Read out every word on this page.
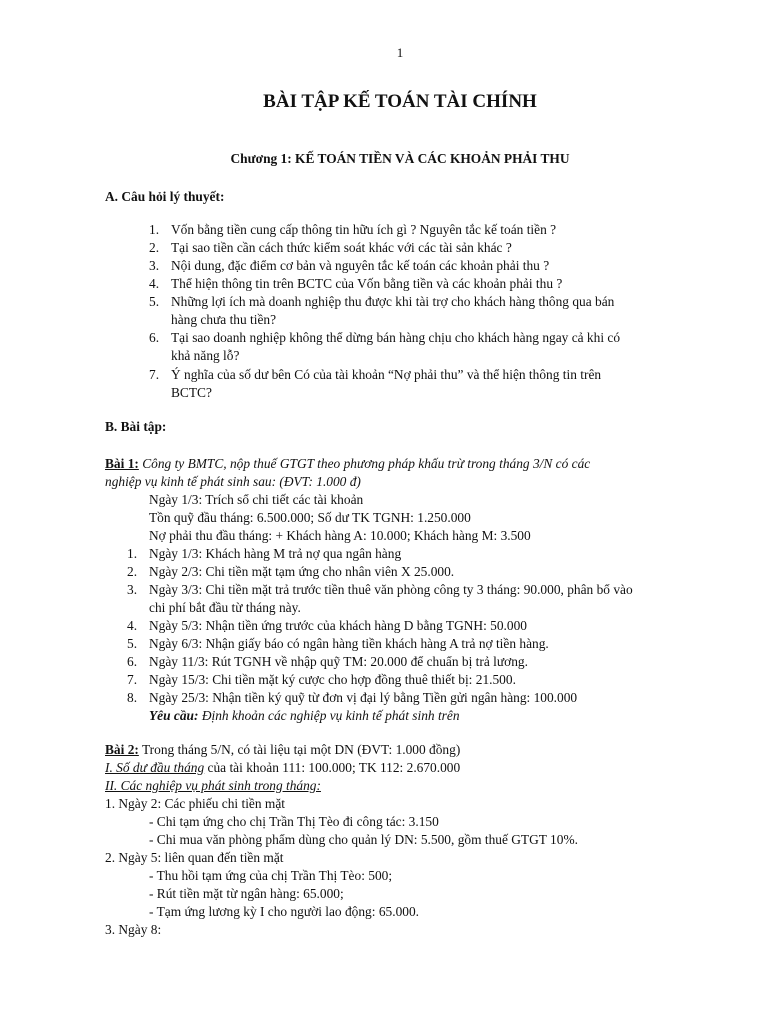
1
BÀI TẬP KẾ TOÁN TÀI CHÍNH
Chương 1: KẾ TOÁN TIỀN VÀ CÁC KHOẢN PHẢI THU
A. Câu hỏi lý thuyết:
1. Vốn bằng tiền cung cấp thông tin hữu ích gì ? Nguyên tắc kế toán tiền ?
2. Tại sao tiền cần cách thức kiểm soát khác với các tài sản khác ?
3. Nội dung, đặc điểm cơ bản và nguyên tắc kế toán các khoản phải thu ?
4. Thể hiện thông tin trên BCTC của Vốn bằng tiền và các khoản phải thu ?
5. Những lợi ích mà doanh nghiệp thu được khi tài trợ cho khách hàng thông qua bán
hàng chưa thu tiền?
6. Tại sao doanh nghiệp không thể dừng bán hàng chịu cho khách hàng ngay cả khi có
khả năng lỗ?
7. Ý nghĩa của số dư bên Có của tài khoản “Nợ phải thu” và thể hiện thông tin trên
BCTC?
B. Bài tập:
Bài 1: Công ty BMTC, nộp thuế GTGT theo phương pháp khấu trừ trong tháng 3/N có các
nghiệp vụ kinh tế phát sinh sau: (ĐVT: 1.000 đ)
Ngày 1/3: Trích sổ chi tiết các tài khoản
Tồn quỹ đầu tháng: 6.500.000; Số dư TK TGNH: 1.250.000
Nợ phải thu đầu tháng: + Khách hàng A: 10.000; Khách hàng M: 3.500
1. Ngày 1/3: Khách hàng M trả nợ qua ngân hàng
2. Ngày 2/3: Chi tiền mặt tạm ứng cho nhân viên X 25.000.
3. Ngày 3/3: Chi tiền mặt trả trước tiền thuê văn phòng công ty 3 tháng: 90.000, phân bổ vào
chi phí bắt đầu từ tháng này.
4. Ngày 5/3: Nhận tiền ứng trước của khách hàng D bằng TGNH: 50.000
5. Ngày 6/3: Nhận giấy báo có ngân hàng tiền khách hàng A trả nợ tiền hàng.
6. Ngày 11/3: Rút TGNH về nhập quỹ TM: 20.000 để chuẩn bị trả lương.
7. Ngày 15/3: Chi tiền mặt ký cược cho hợp đồng thuê thiết bị: 21.500.
8. Ngày 25/3: Nhận tiền ký quỹ từ đơn vị đại lý bằng Tiền gửi ngân hàng: 100.000
Yêu cầu: Định khoản các nghiệp vụ kinh tế phát sinh trên
Bài 2: Trong tháng 5/N, có tài liệu tại một DN (ĐVT: 1.000 đồng)
I. Số dư đầu tháng của tài khoản 111: 100.000; TK 112: 2.670.000
II. Các nghiệp vụ phát sinh trong tháng:
1. Ngày 2: Các phiếu chi tiền mặt
- Chi tạm ứng cho chị Trần Thị Tèo đi công tác: 3.150
- Chi mua văn phòng phẩm dùng cho quản lý DN: 5.500, gồm thuế GTGT 10%.
2. Ngày 5: liên quan đến tiền mặt
- Thu hồi tạm ứng của chị Trần Thị Tèo: 500;
- Rút tiền mặt từ ngân hàng: 65.000;
- Tạm ứng lương kỳ I cho người lao động: 65.000.
3. Ngày 8:
